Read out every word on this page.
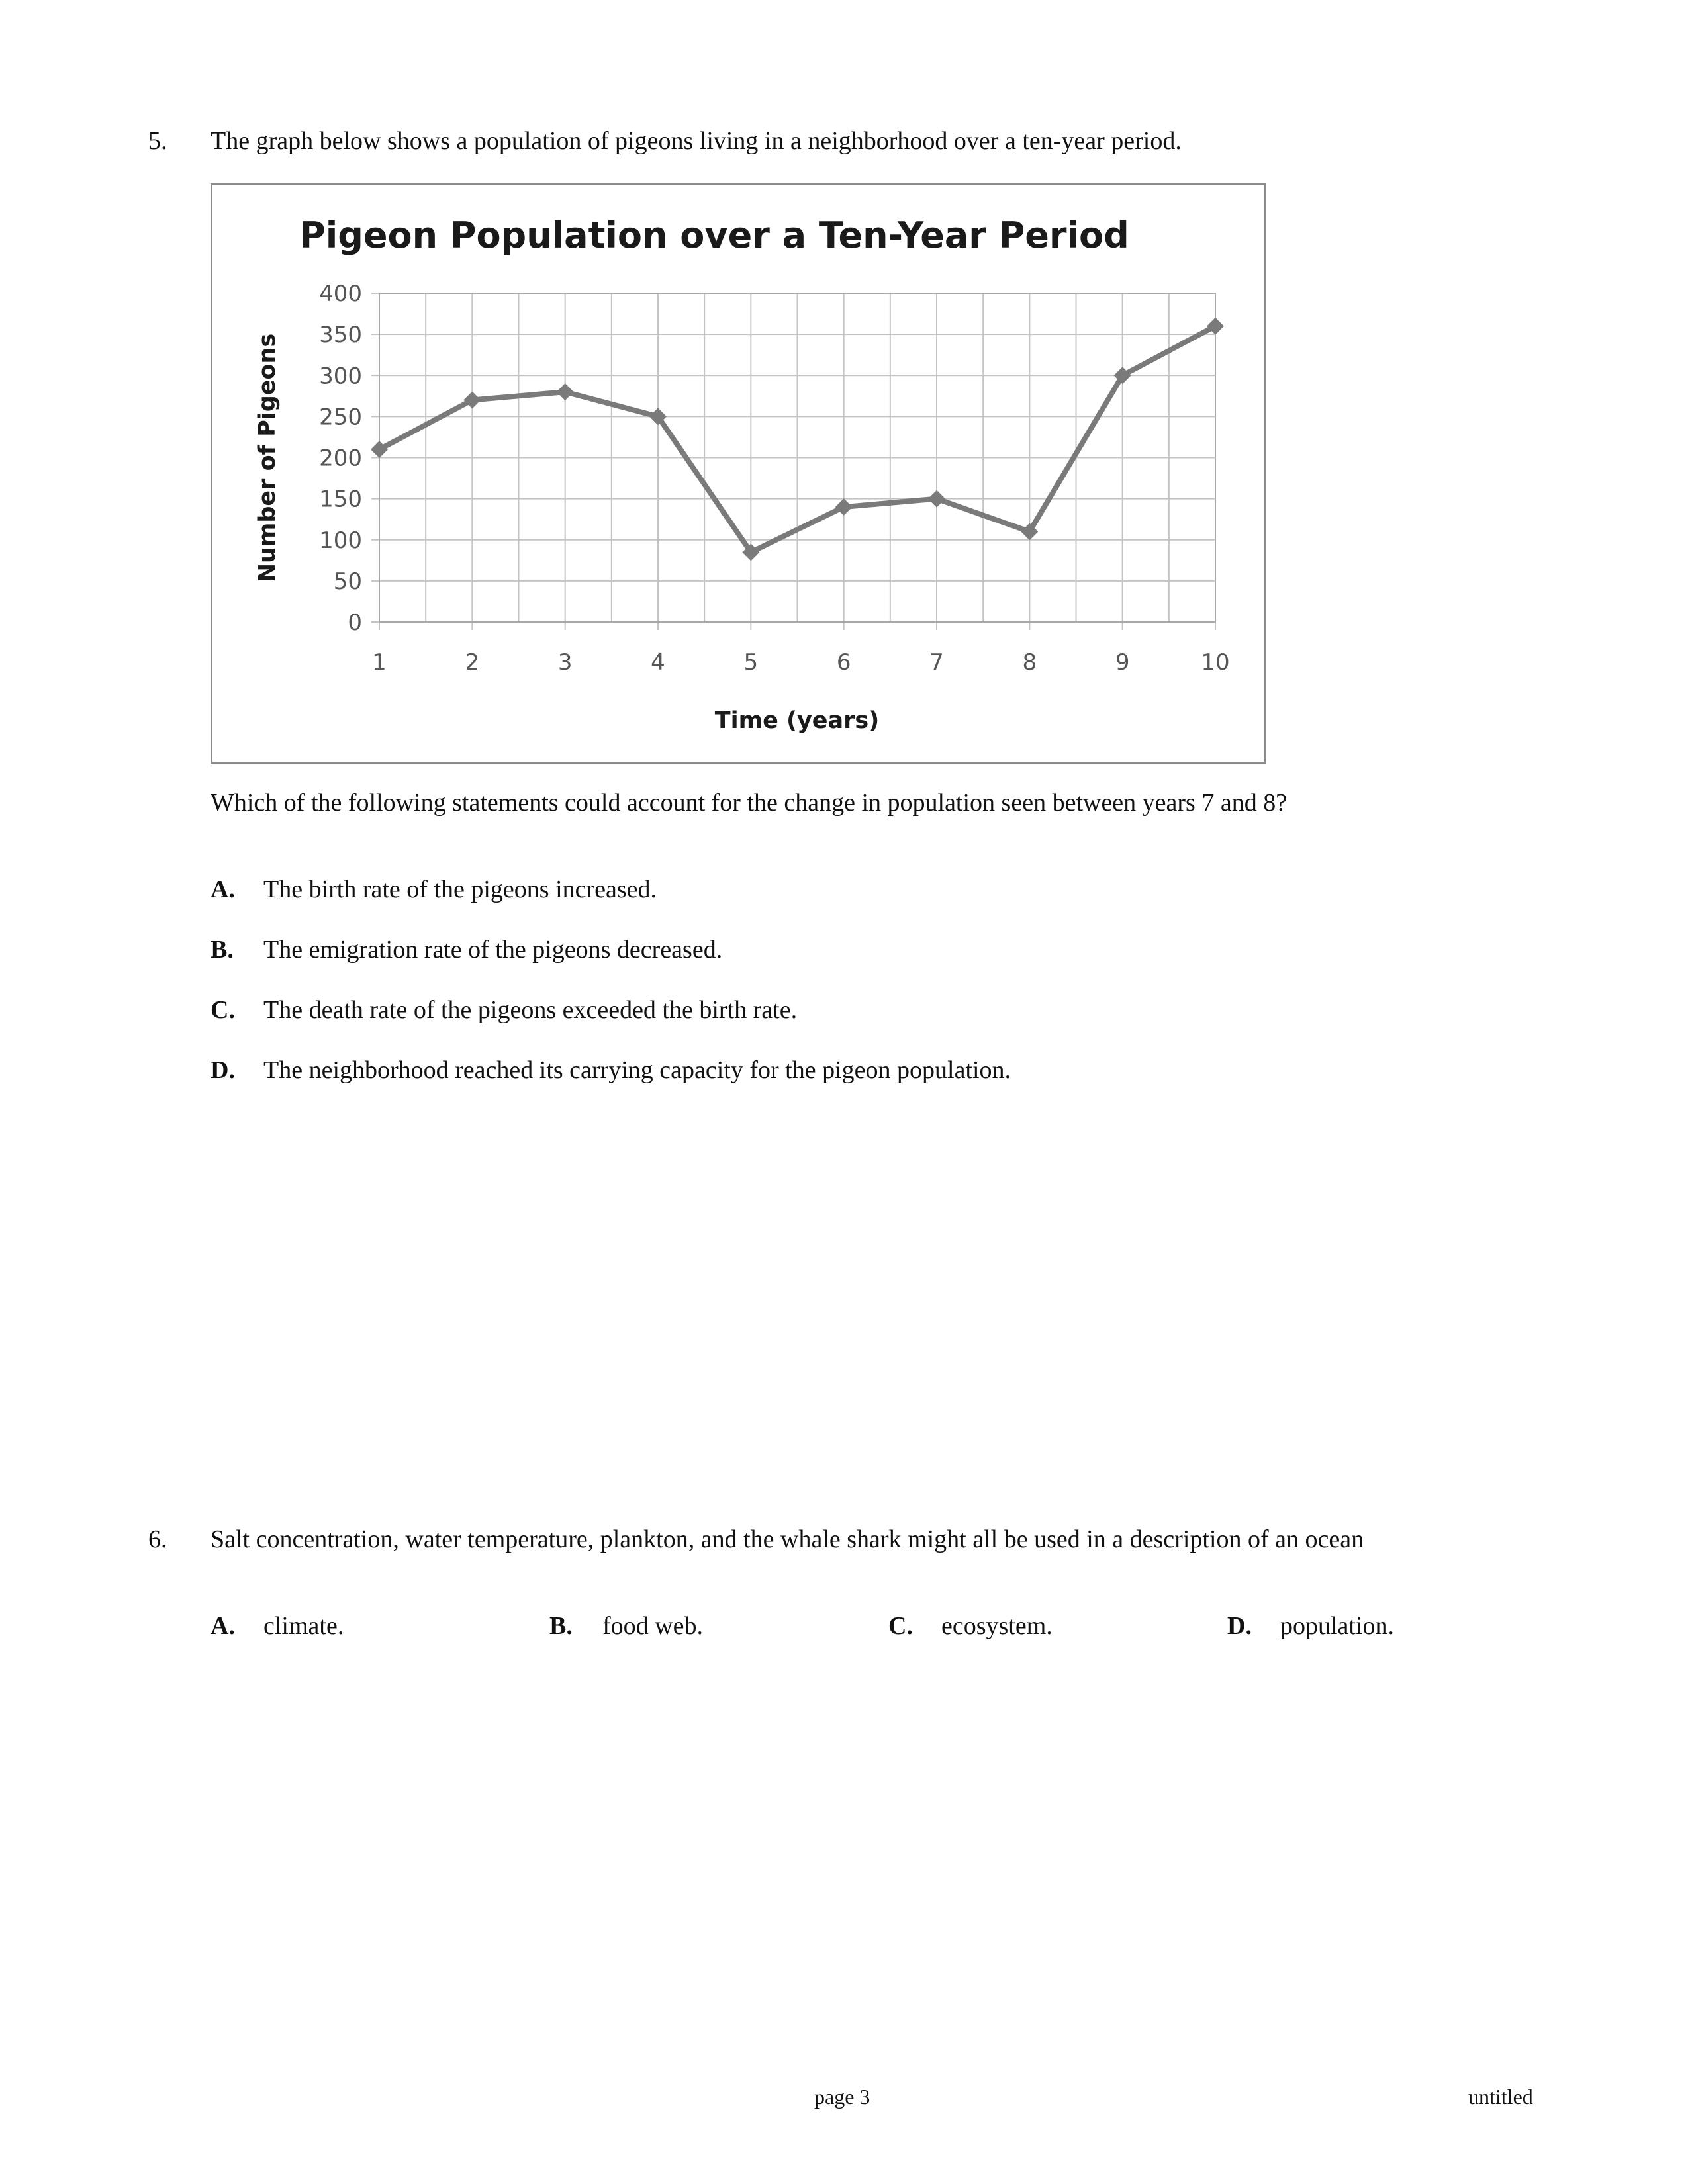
5. The graph below shows a population of pigeons living in a neighborhood over a ten-year period.
0
50
100
150
200
250
300
350
400
1	2	3	4	5	6	7	8	9	10
Pigeon Population over a Ten-Year Period
Time (years)
Number of Pigeons
Which of the following statements could account for the change in population seen between years 7 and 8?
A. The birth rate of the pigeons increased.
B. The emigration rate of the pigeons decreased.
C. The death rate of the pigeons exceeded the birth rate.
D. The neighborhood reached its carrying capacity for the pigeon population.
6. Salt concentration, water temperature, plankton, and the whale shark might all be used in a description of an ocean
A. climate.	B. food web.	C. ecosystem.	D. population.
page 3	untitled
